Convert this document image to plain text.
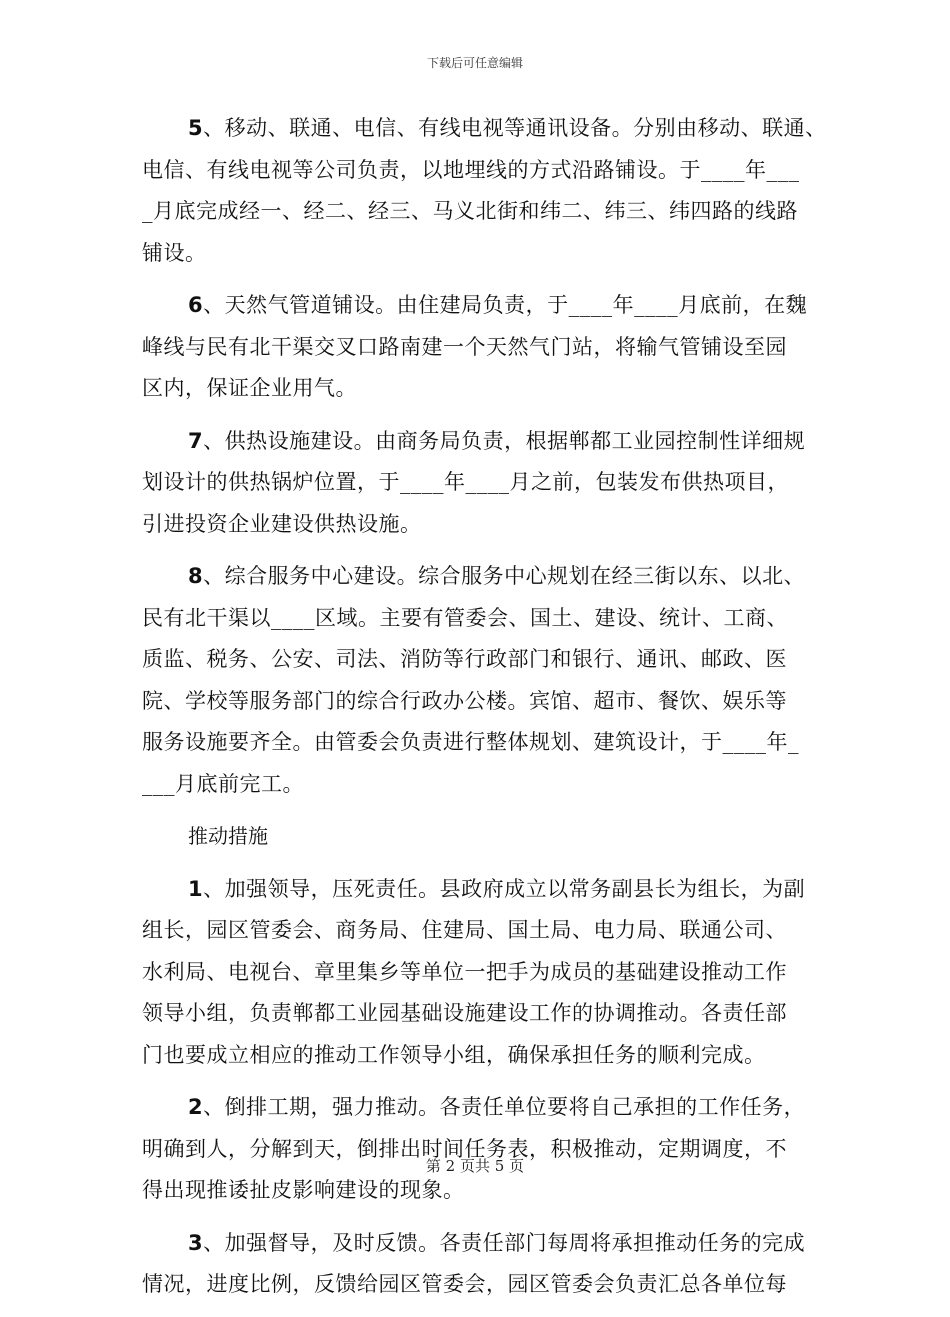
下载后可任意编辑
5、移动、联通、电信、有线电视等通讯设备。分别由移动、联通、
电信、有线电视等公司负责，以地埋线的方式沿路铺设。于____年___
_月底完成经一、经二、经三、马义北街和纬二、纬三、纬四路的线路
铺设。
6、天然气管道铺设。由住建局负责，于____年____月底前，在魏
峰线与民有北干渠交叉口路南建一个天然气门站，将输气管铺设至园
区内，保证企业用气。
7、供热设施建设。由商务局负责，根据郸都工业园控制性详细规
划设计的供热锅炉位置，于____年____月之前，包装发布供热项目，
引进投资企业建设供热设施。
8、综合服务中心建设。综合服务中心规划在经三街以东、以北、
民有北干渠以____区域。主要有管委会、国土、建设、统计、工商、
质监、税务、公安、司法、消防等行政部门和银行、通讯、邮政、医
院、学校等服务部门的综合行政办公楼。宾馆、超市、餐饮、娱乐等
服务设施要齐全。由管委会负责进行整体规划、建筑设计，于____年_
___月底前完工。
推动措施
1、加强领导，压死责任。县政府成立以常务副县长为组长，为副
组长，园区管委会、商务局、住建局、国土局、电力局、联通公司、
水利局、电视台、章里集乡等单位一把手为成员的基础建设推动工作
领导小组，负责郸都工业园基础设施建设工作的协调推动。各责任部
门也要成立相应的推动工作领导小组，确保承担任务的顺利完成。
2、倒排工期，强力推动。各责任单位要将自己承担的工作任务，
明确到人，分解到天，倒排出时间任务表，积极推动，定期调度，不
得出现推诿扯皮影响建设的现象。
3、加强督导，及时反馈。各责任部门每周将承担推动任务的完成
情况，进度比例，反馈给园区管委会，园区管委会负责汇总各单位每
第 2 页共 5 页
